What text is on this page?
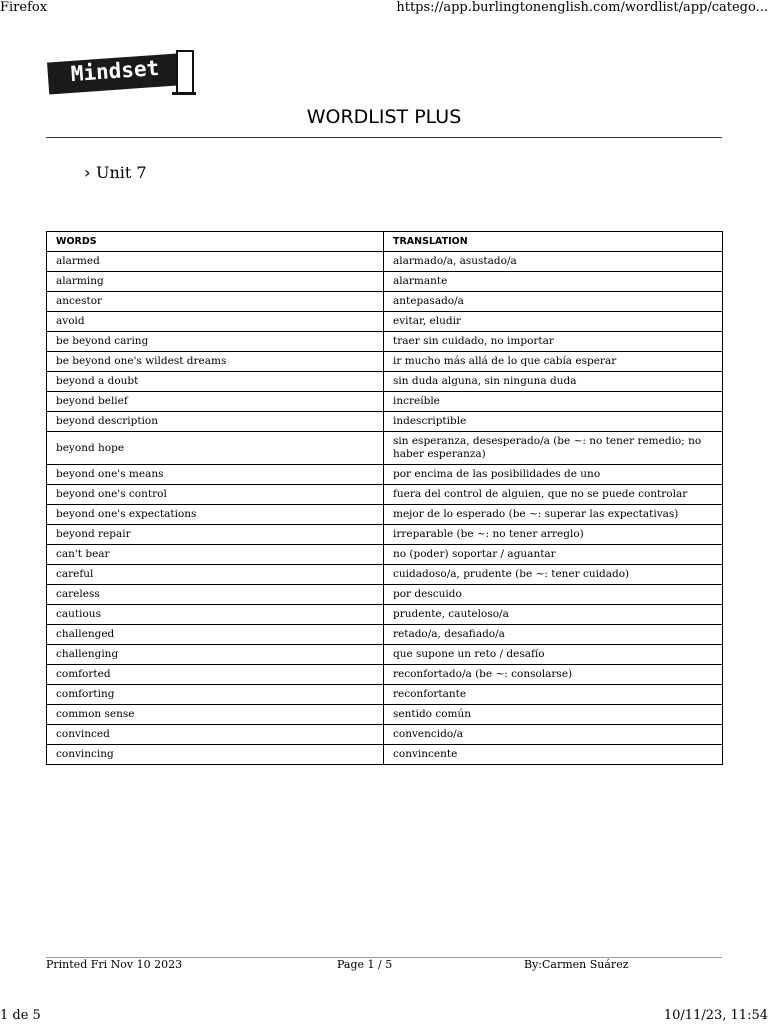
Firefox	https://app.burlingtonenglish.com/wordlist/app/catego...
Mindset
WORDLIST PLUS
› Unit 7
WORDS	TRANSLATION
alarmed	alarmado/a, asustado/a
alarming	alarmante
ancestor	antepasado/a
avoid	evitar, eludir
be beyond caring	traer sin cuidado, no importar
be beyond one's wildest dreams	ir mucho más allá de lo que cabía esperar
beyond a doubt	sin duda alguna, sin ninguna duda
beyond belief	increíble
beyond description	indescriptible
beyond hope	sin esperanza, desesperado/a (be ~: no tener remedio; no haber esperanza)
beyond one's means	por encima de las posibilidades de uno
beyond one's control	fuera del control de alguien, que no se puede controlar
beyond one's expectations	mejor de lo esperado (be ~: superar las expectativas)
beyond repair	irreparable (be ~: no tener arreglo)
can't bear	no (poder) soportar / aguantar
careful	cuidadoso/a, prudente (be ~: tener cuidado)
careless	por descuido
cautious	prudente, cauteloso/a
challenged	retado/a, desafiado/a
challenging	que supone un reto / desafío
comforted	reconfortado/a (be ~: consolarse)
comforting	reconfortante
common sense	sentido común
convinced	convencido/a
convincing	convincente
Printed Fri Nov 10 2023	Page 1 / 5	By:Carmen Suárez
1 de 5	10/11/23, 11:54
